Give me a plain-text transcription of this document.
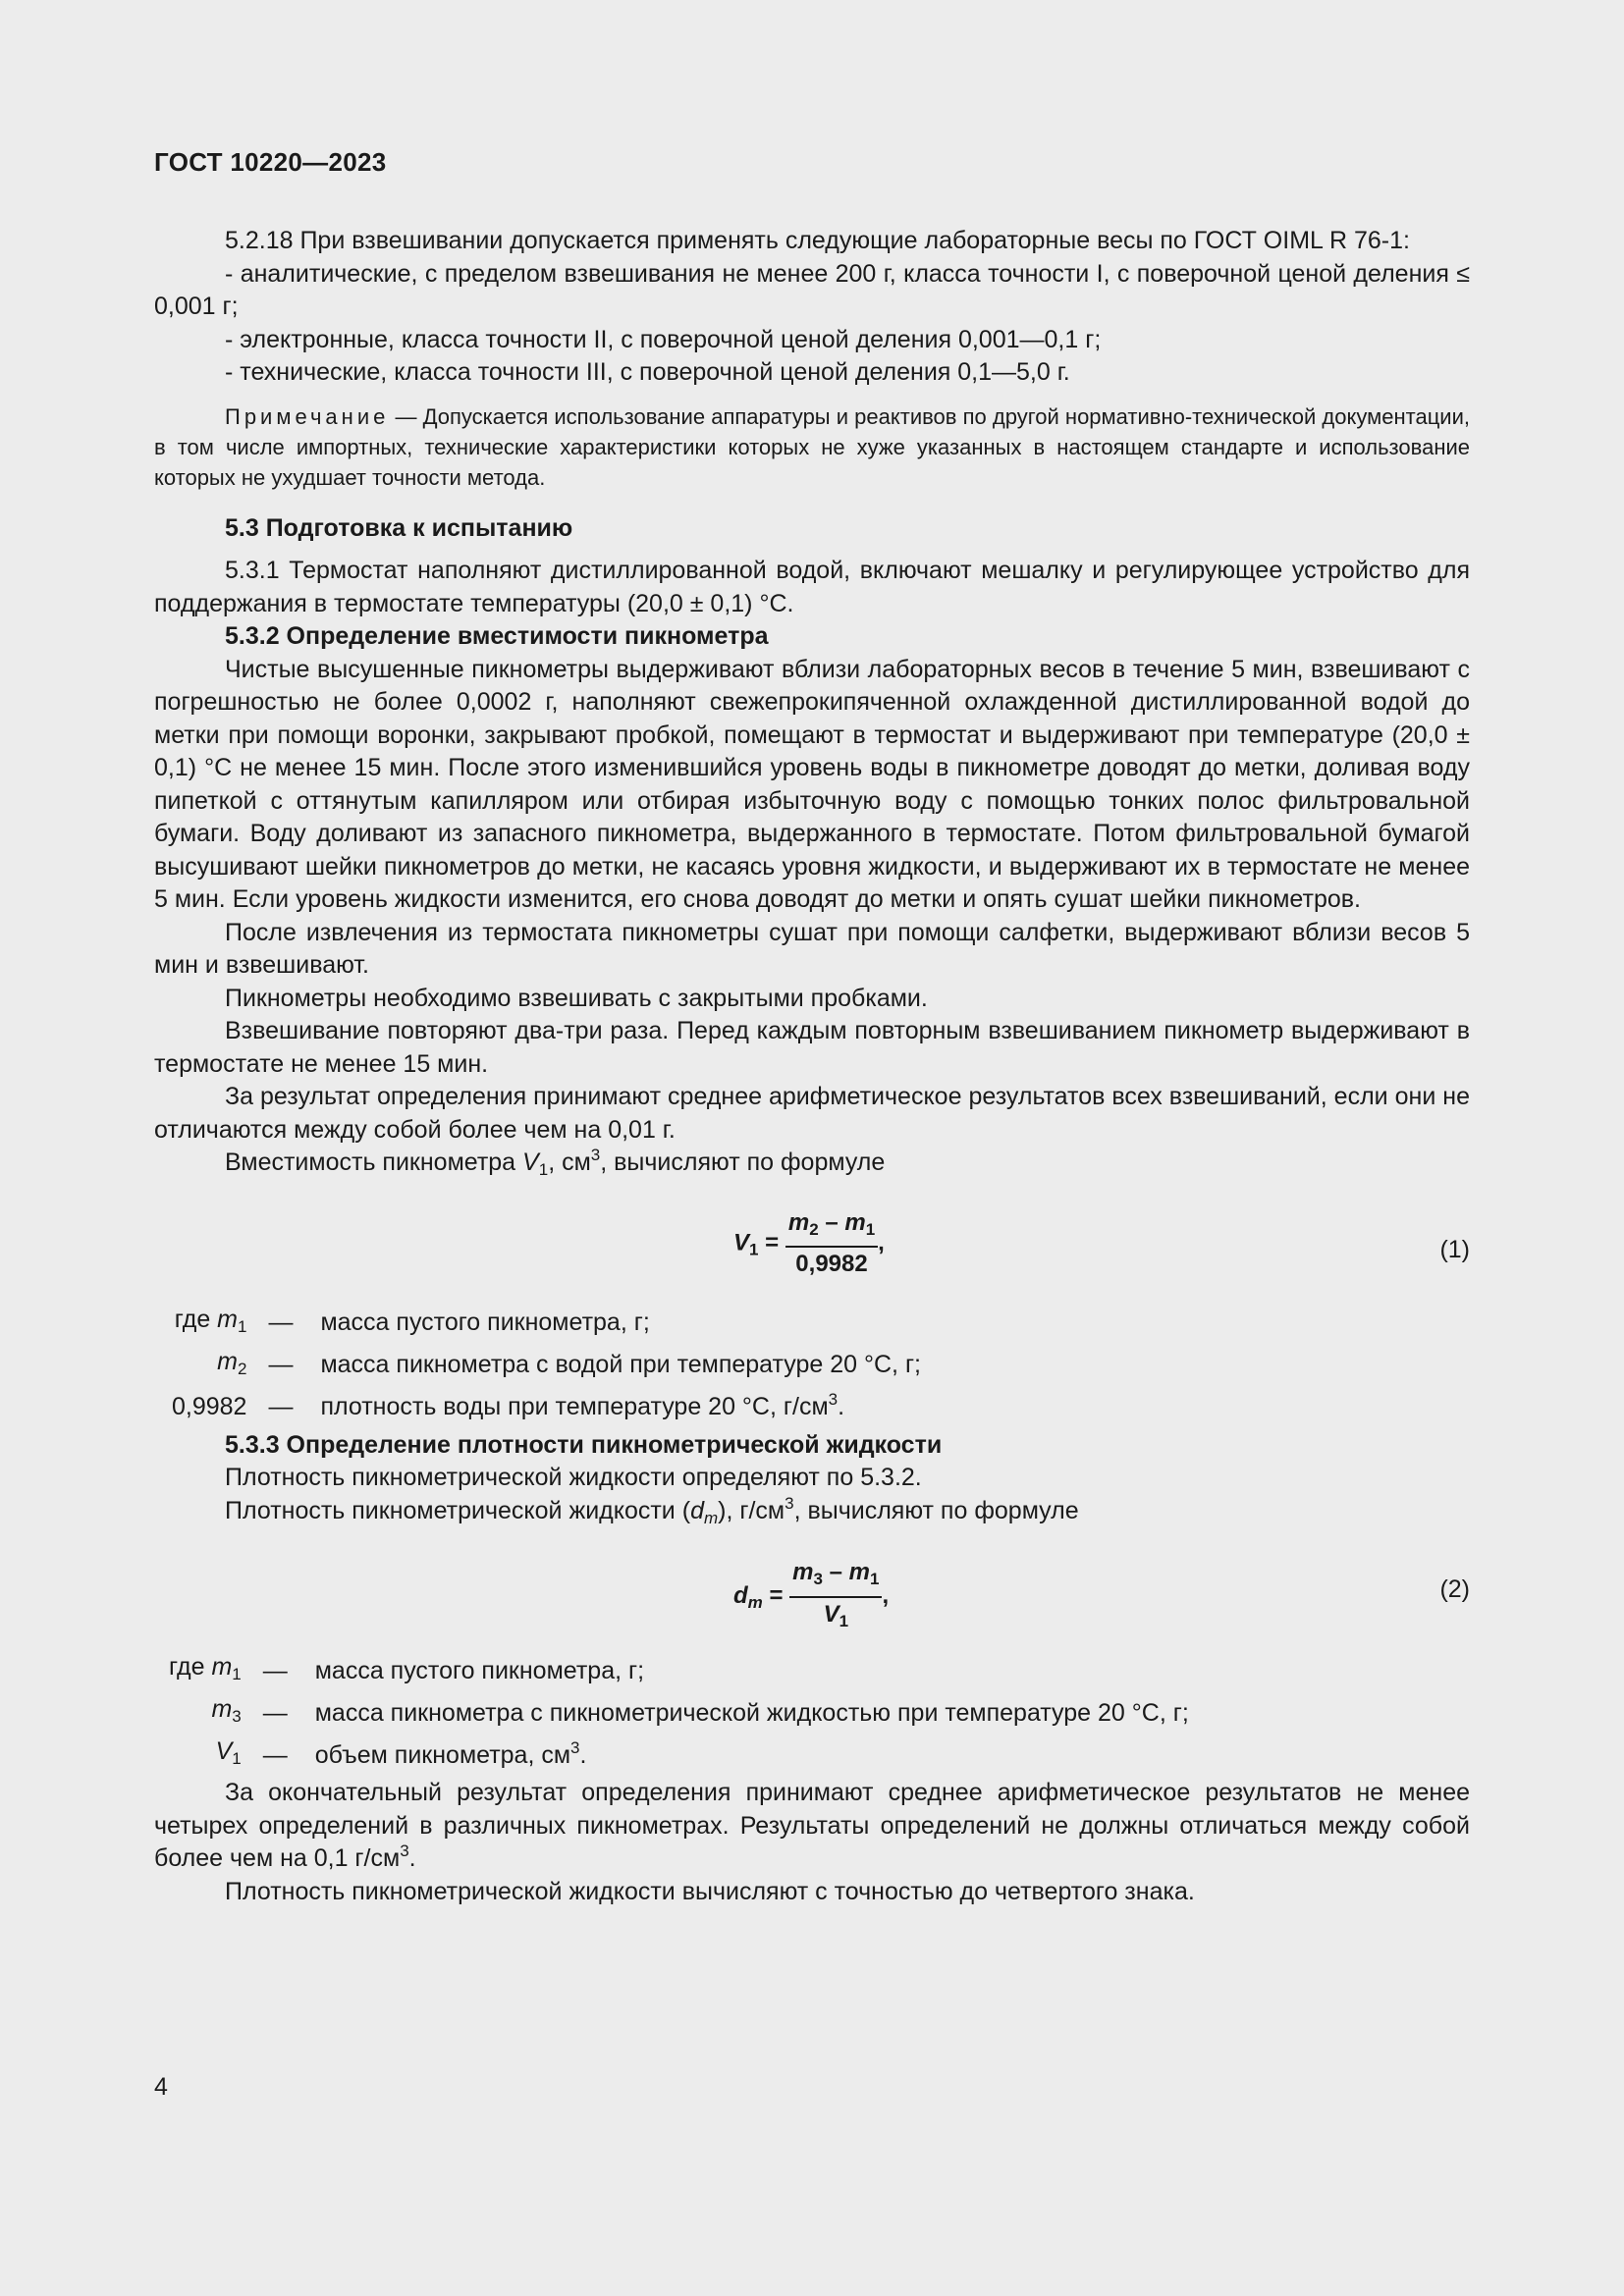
ГОСТ 10220—2023

5.2.18 При взвешивании допускается применять следующие лабораторные весы по ГОСТ OIML R 76-1:

- аналитические, с пределом взвешивания не менее 200 г, класса точности I, с поверочной ценой деления ≤ 0,001 г;

- электронные, класса точности II, с поверочной ценой деления 0,001—0,1 г;

- технические, класса точности III, с поверочной ценой деления 0,1—5,0 г.

Примечание — Допускается использование аппаратуры и реактивов по другой нормативно-технической документации, в том числе импортных, технические характеристики которых не хуже указанных в настоящем стандарте и использование которых не ухудшает точности метода.

5.3 Подготовка к испытанию

5.3.1 Термостат наполняют дистиллированной водой, включают мешалку и регулирующее устройство для поддержания в термостате температуры (20,0 ± 0,1) °C.

5.3.2 Определение вместимости пикнометра

Чистые высушенные пикнометры выдерживают вблизи лабораторных весов в течение 5 мин, взвешивают с погрешностью не более 0,0002 г, наполняют свежепрокипяченной охлажденной дистиллированной водой до метки при помощи воронки, закрывают пробкой, помещают в термостат и выдерживают при температуре (20,0 ± 0,1) °C не менее 15 мин. После этого изменившийся уровень воды в пикнометре доводят до метки, доливая воду пипеткой с оттянутым капилляром или отбирая избыточную воду с помощью тонких полос фильтровальной бумаги. Воду доливают из запасного пикнометра, выдержанного в термостате. Потом фильтровальной бумагой высушивают шейки пикнометров до метки, не касаясь уровня жидкости, и выдерживают их в термостате не менее 5 мин. Если уровень жидкости изменится, его снова доводят до метки и опять сушат шейки пикнометров.

После извлечения из термостата пикнометры сушат при помощи салфетки, выдерживают вблизи весов 5 мин и взвешивают.

Пикнометры необходимо взвешивать с закрытыми пробками.

Взвешивание повторяют два-три раза. Перед каждым повторным взвешиванием пикнометр выдерживают в термостате не менее 15 мин.

За результат определения принимают среднее арифметическое результатов всех взвешиваний, если они не отличаются между собой более чем на 0,01 г.

Вместимость пикнометра $V_1$, $см^3$, вычисляют по формуле

$V_1 = \frac{m_2 - m_1}{0,9982}$ ,	(1)
где $m_1$	—	масса пустого пикнометра, г;
$m_2$	—	масса пикнометра с водой при температуре 20 °C, г;
0,9982	—	плотность воды при температуре 20 °C, $г/см^3$.

5.3.3 Определение плотности пикнометрической жидкости

Плотность пикнометрической жидкости определяют по 5.3.2.

Плотность пикнометрической жидкости $(d_m)$, $г/см^3$, вычисляют по формуле

$d_m = \frac{m_3 - m_1}{V_1}$ ,	(2)
где $m_1$	—	масса пустого пикнометра, г;
$m_3$	—	масса пикнометра с пикнометрической жидкостью при температуре 20 °C, г;
$V_1$	—	объем пикнометра, $см^3$.

За окончательный результат определения принимают среднее арифметическое результатов не менее четырех определений в различных пикнометрах. Результаты определений не должны отличаться между собой более чем на 0,1 $г/см^3$.

Плотность пикнометрической жидкости вычисляют с точностью до четвертого знака.

4
